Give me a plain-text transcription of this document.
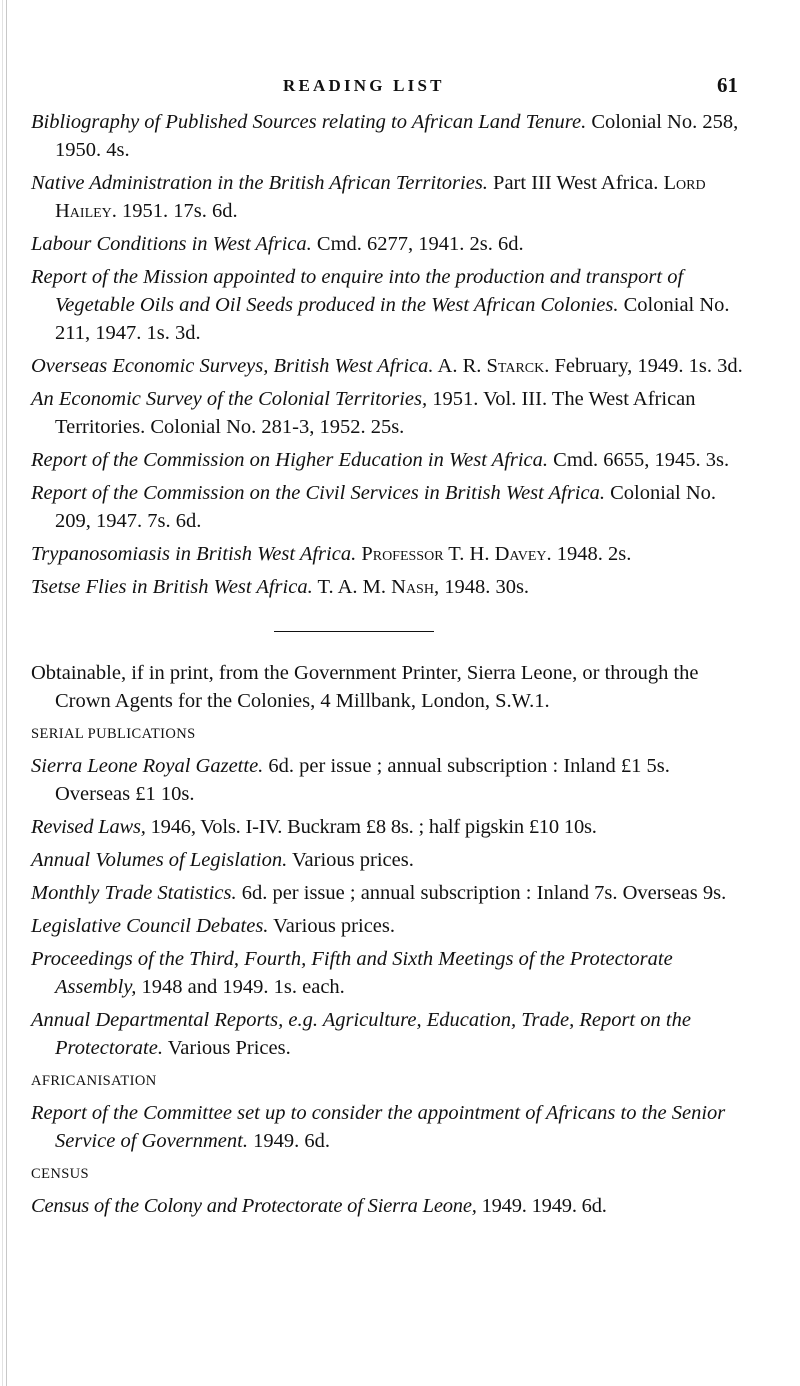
READING LIST	61
Bibliography of Published Sources relating to African Land Tenure. Colonial No. 258, 1950. 4s.
Native Administration in the British African Territories. Part III West Africa. Lord Hailey. 1951. 17s. 6d.
Labour Conditions in West Africa. Cmd. 6277, 1941. 2s. 6d.
Report of the Mission appointed to enquire into the production and transport of Vegetable Oils and Oil Seeds produced in the West African Colonies. Colonial No. 211, 1947. 1s. 3d.
Overseas Economic Surveys, British West Africa. A. R. Starck. February, 1949. 1s. 3d.
An Economic Survey of the Colonial Territories, 1951. Vol. III. The West African Territories. Colonial No. 281-3, 1952. 25s.
Report of the Commission on Higher Education in West Africa. Cmd. 6655, 1945. 3s.
Report of the Commission on the Civil Services in British West Africa. Colonial No. 209, 1947. 7s. 6d.
Trypanosomiasis in British West Africa. Professor T. H. Davey. 1948. 2s.
Tsetse Flies in British West Africa. T. A. M. Nash, 1948. 30s.
Obtainable, if in print, from the Government Printer, Sierra Leone, or through the Crown Agents for the Colonies, 4 Millbank, London, S.W.1.
SERIAL PUBLICATIONS
Sierra Leone Royal Gazette. 6d. per issue ; annual subscription : Inland £1 5s. Overseas £1 10s.
Revised Laws, 1946, Vols. I-IV. Buckram £8 8s. ; half pigskin £10 10s.
Annual Volumes of Legislation. Various prices.
Monthly Trade Statistics. 6d. per issue ; annual subscription : Inland 7s. Overseas 9s.
Legislative Council Debates. Various prices.
Proceedings of the Third, Fourth, Fifth and Sixth Meetings of the Protectorate Assembly, 1948 and 1949. 1s. each.
Annual Departmental Reports, e.g. Agriculture, Education, Trade, Report on the Protectorate. Various Prices.
AFRICANISATION
Report of the Committee set up to consider the appointment of Africans to the Senior Service of Government. 1949. 6d.
CENSUS
Census of the Colony and Protectorate of Sierra Leone, 1949. 1949. 6d.
